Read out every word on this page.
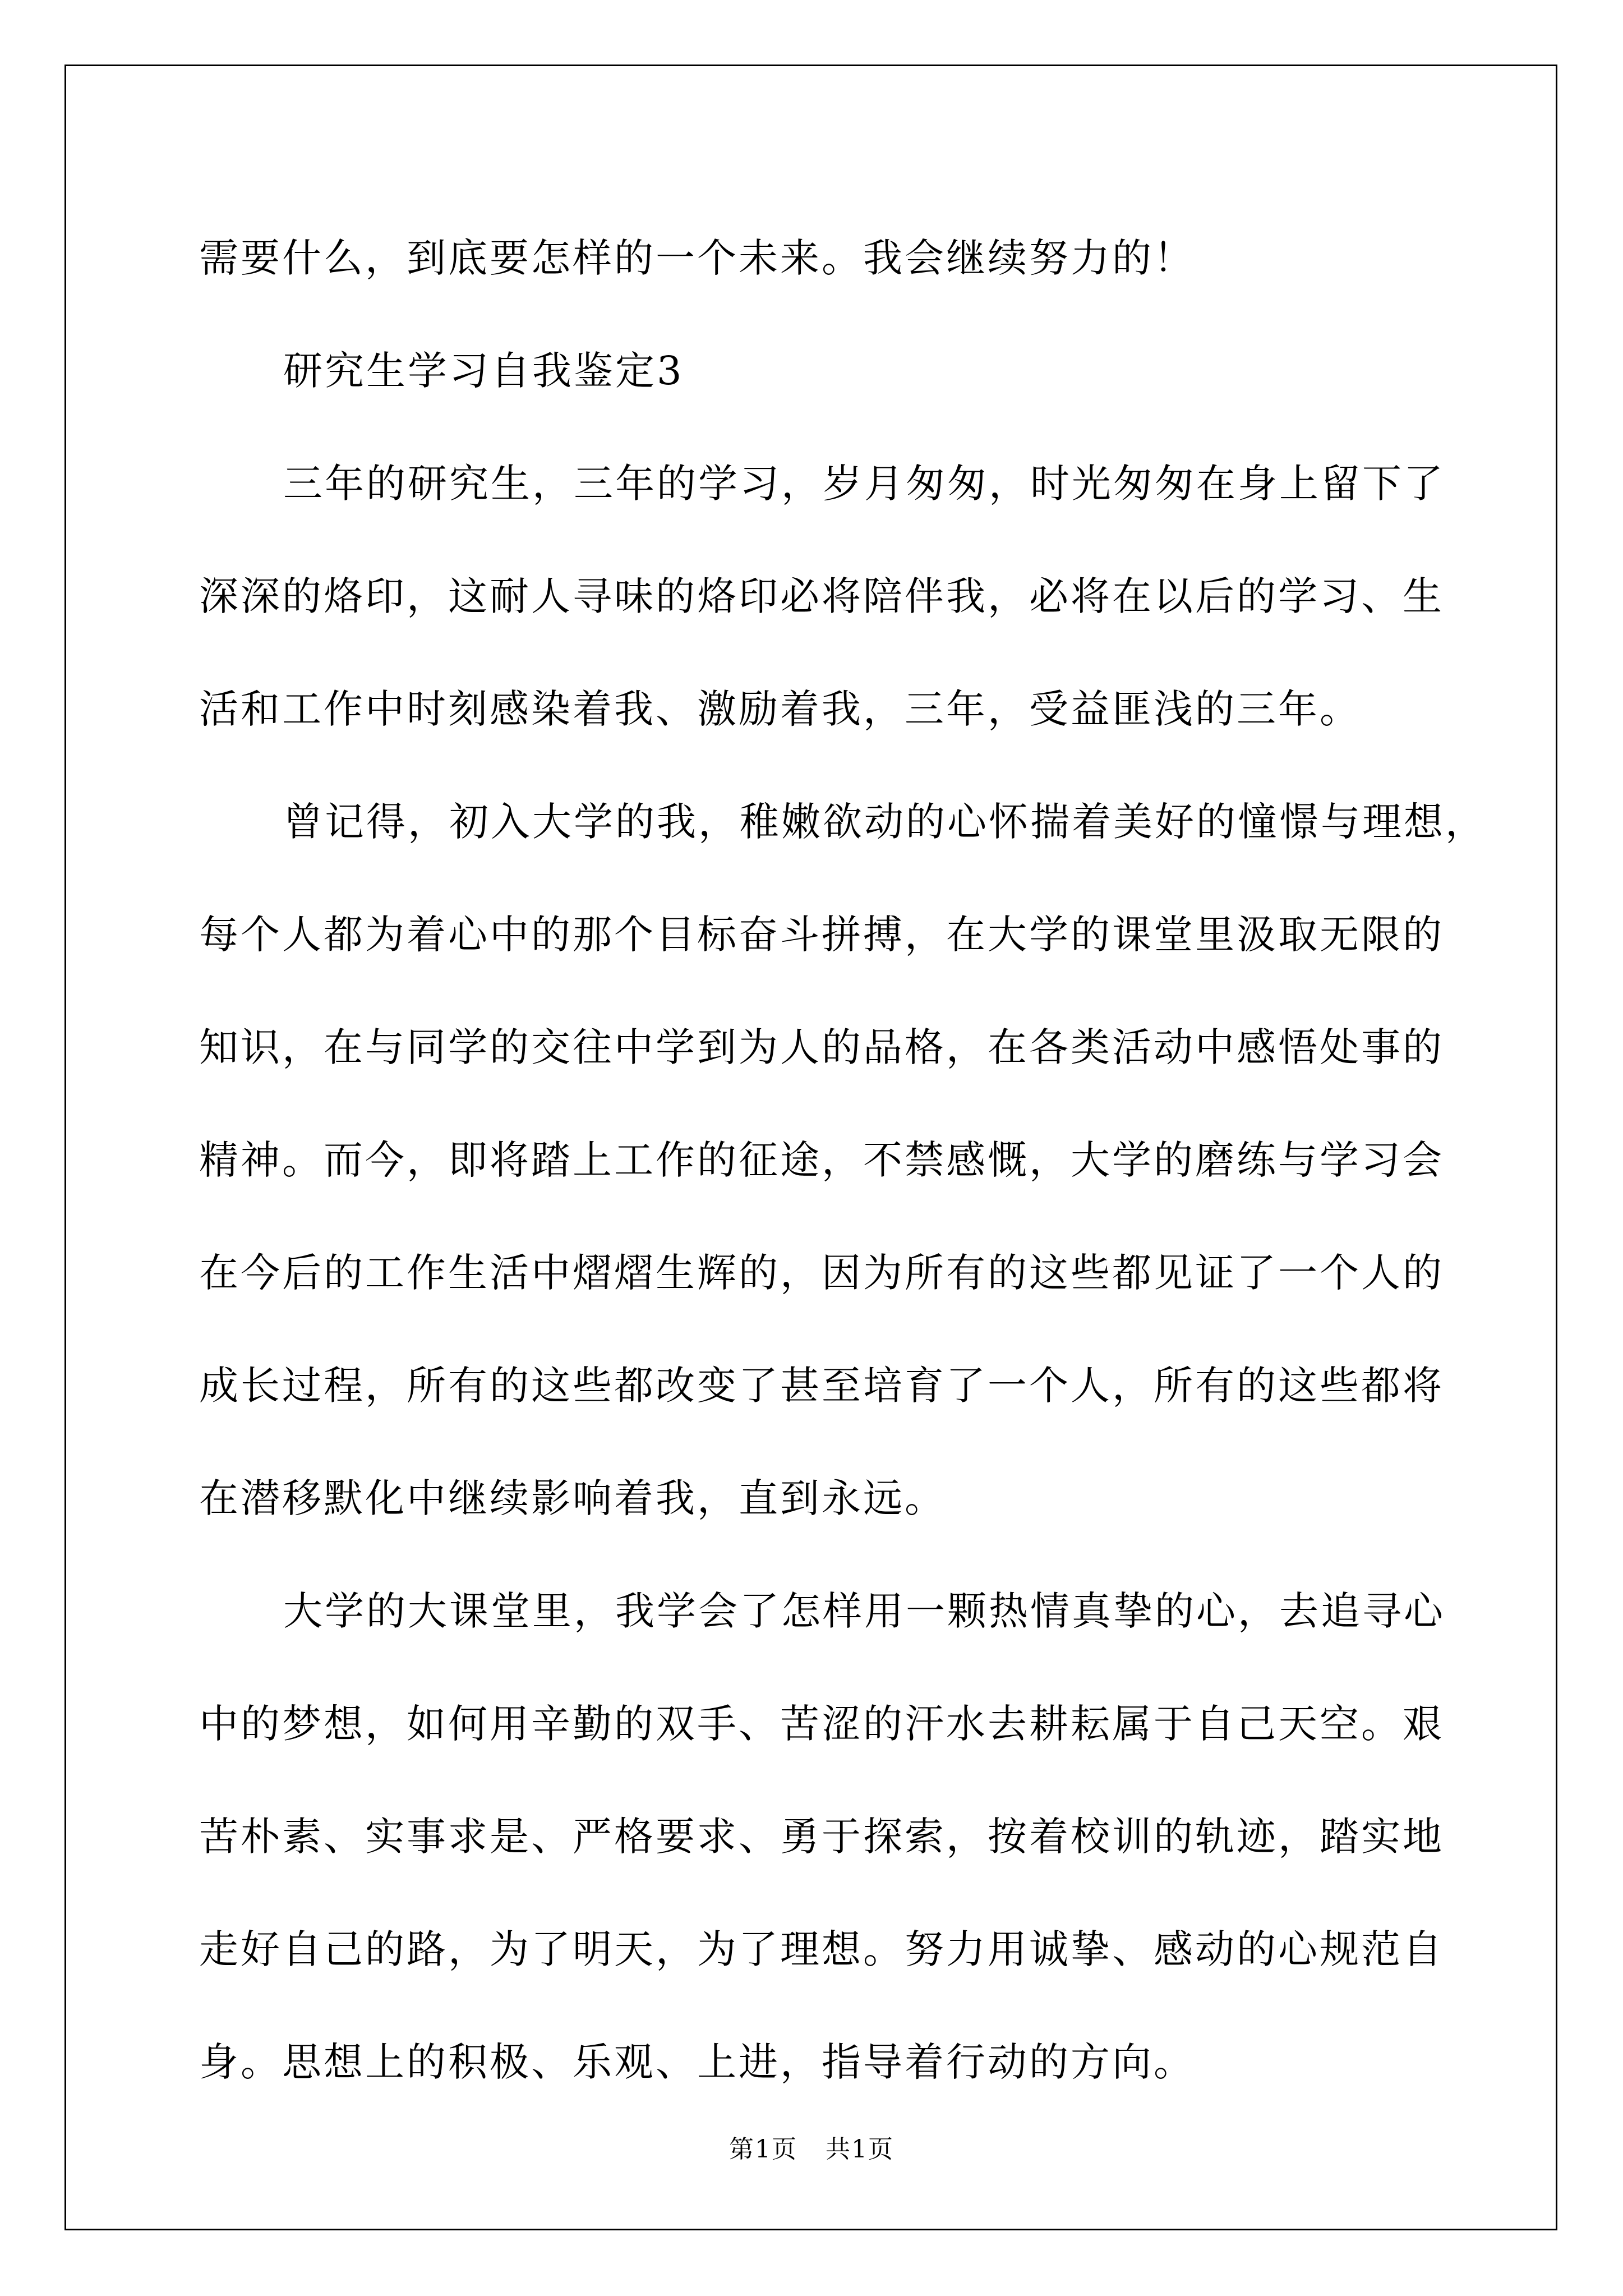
需要什么，到底要怎样的一个未来。我会继续努力的！
研究生学习自我鉴定3
三年的研究生，三年的学习，岁月匆匆，时光匆匆在身上留下了
深深的烙印，这耐人寻味的烙印必将陪伴我，必将在以后的学习、生
活和工作中时刻感染着我、激励着我，三年，受益匪浅的三年。
曾记得，初入大学的我，稚嫩欲动的心怀揣着美好的憧憬与理想，
每个人都为着心中的那个目标奋斗拼搏，在大学的课堂里汲取无限的
知识，在与同学的交往中学到为人的品格，在各类活动中感悟处事的
精神。而今，即将踏上工作的征途，不禁感慨，大学的磨练与学习会
在今后的工作生活中熠熠生辉的，因为所有的这些都见证了一个人的
成长过程，所有的这些都改变了甚至培育了一个人，所有的这些都将
在潜移默化中继续影响着我，直到永远。
大学的大课堂里，我学会了怎样用一颗热情真挚的心，去追寻心
中的梦想，如何用辛勤的双手、苦涩的汗水去耕耘属于自己天空。艰
苦朴素、实事求是、严格要求、勇于探索，按着校训的轨迹，踏实地
走好自己的路，为了明天，为了理想。努力用诚挚、感动的心规范自
身。思想上的积极、乐观、上进，指导着行动的方向。
第1页 共1页
